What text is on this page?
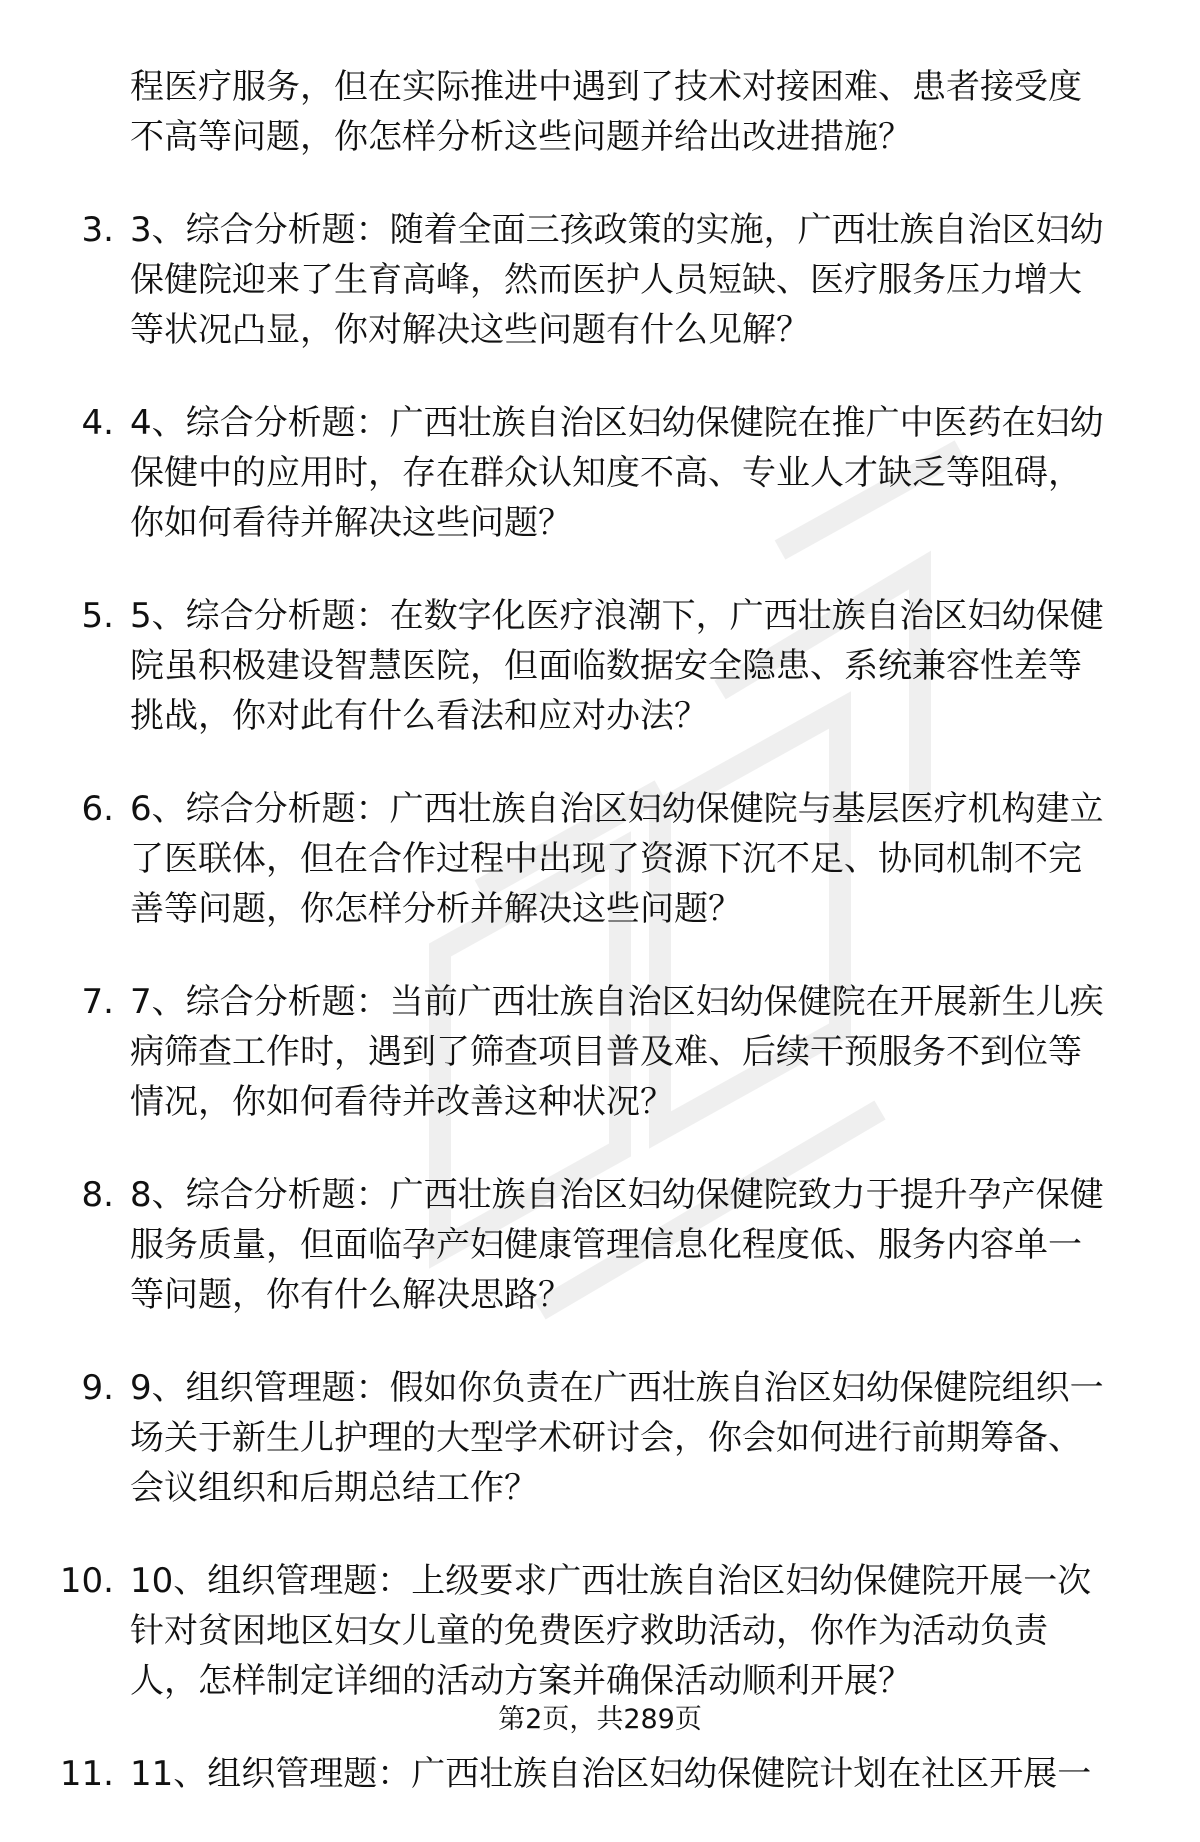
程医疗服务，但在实际推进中遇到了技术对接困难、患者接受度
不高等问题，你怎样分析这些问题并给出改进措施？
3. 3、综合分析题：随着全面三孩政策的实施，广西壮族自治区妇幼
保健院迎来了生育高峰，然而医护人员短缺、医疗服务压力增大
等状况凸显，你对解决这些问题有什么见解？
4. 4、综合分析题：广西壮族自治区妇幼保健院在推广中医药在妇幼
保健中的应用时，存在群众认知度不高、专业人才缺乏等阻碍，
你如何看待并解决这些问题？
5. 5、综合分析题：在数字化医疗浪潮下，广西壮族自治区妇幼保健
院虽积极建设智慧医院，但面临数据安全隐患、系统兼容性差等
挑战，你对此有什么看法和应对办法？
6. 6、综合分析题：广西壮族自治区妇幼保健院与基层医疗机构建立
了医联体，但在合作过程中出现了资源下沉不足、协同机制不完
善等问题，你怎样分析并解决这些问题？
7. 7、综合分析题：当前广西壮族自治区妇幼保健院在开展新生儿疾
病筛查工作时，遇到了筛查项目普及难、后续干预服务不到位等
情况，你如何看待并改善这种状况？
8. 8、综合分析题：广西壮族自治区妇幼保健院致力于提升孕产保健
服务质量，但面临孕产妇健康管理信息化程度低、服务内容单一
等问题，你有什么解决思路？
9. 9、组织管理题：假如你负责在广西壮族自治区妇幼保健院组织一
场关于新生儿护理的大型学术研讨会，你会如何进行前期筹备、
会议组织和后期总结工作？
10. 10、组织管理题：上级要求广西壮族自治区妇幼保健院开展一次
针对贫困地区妇女儿童的免费医疗救助活动，你作为活动负责
人，怎样制定详细的活动方案并确保活动顺利开展？
11. 11、组织管理题：广西壮族自治区妇幼保健院计划在社区开展一
第2页，共289页
